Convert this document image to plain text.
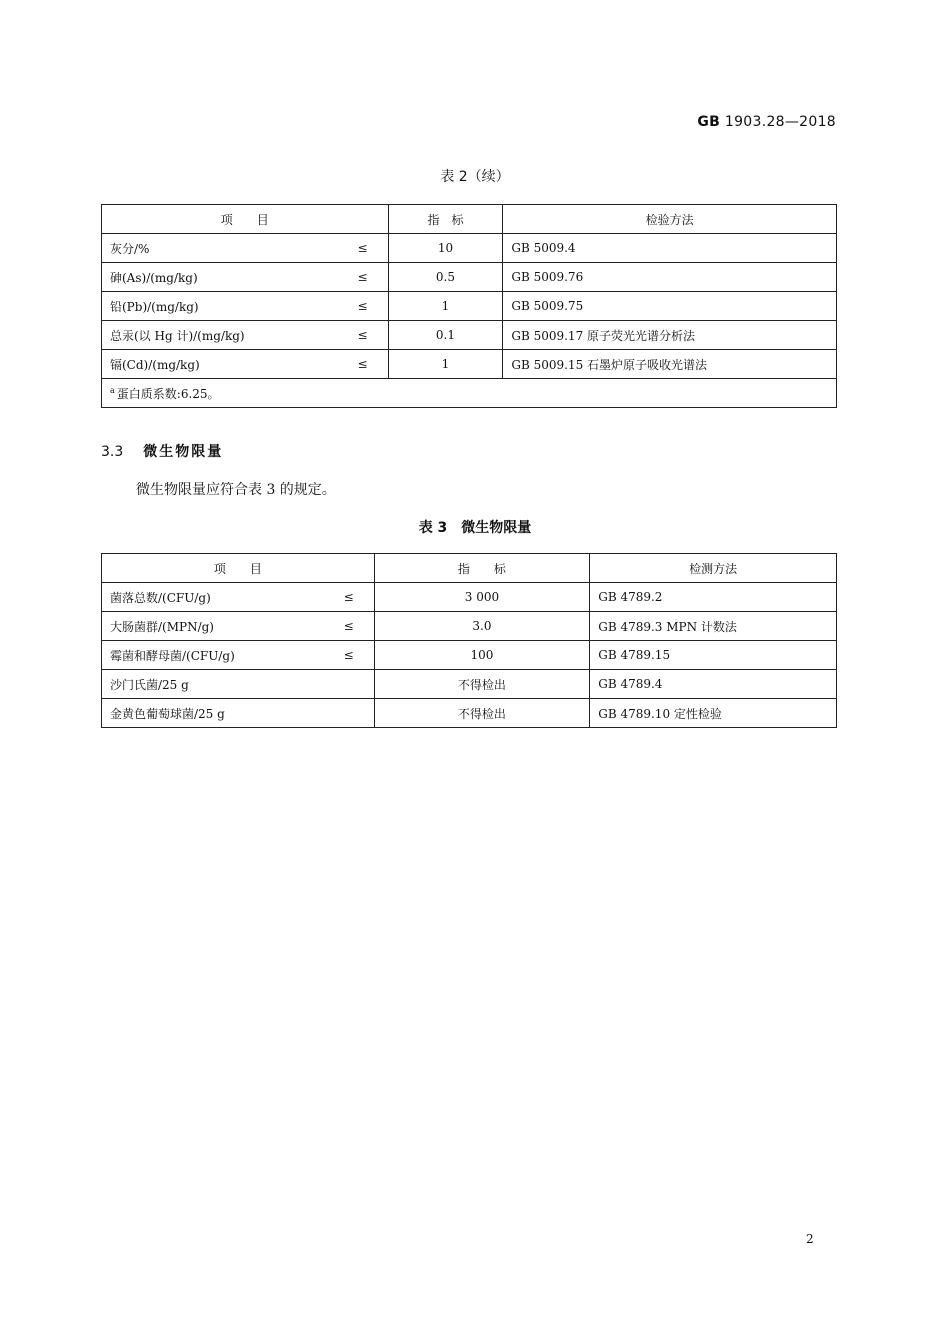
GB 1903.28—2018
表 2（续）
项　　目	指　标	检验方法
灰分/% ≤	10	GB 5009.4
砷(As)/(mg/kg) ≤	0.5	GB 5009.76
铅(Pb)/(mg/kg) ≤	1	GB 5009.75
总汞(以 Hg 计)/(mg/kg) ≤	0.1	GB 5009.17 原子荧光光谱分析法
镉(Cd)/(mg/kg) ≤	1	GB 5009.15 石墨炉原子吸收光谱法
$^a$ 蛋白质系数:6.25。		
3.3 微生物限量
微生物限量应符合表 3 的规定。
表 3　微生物限量
项　　目	指　　标	检测方法
菌落总数/(CFU/g) ≤	3 000	GB 4789.2
大肠菌群/(MPN/g) ≤	3.0	GB 4789.3 MPN 计数法
霉菌和酵母菌/(CFU/g) ≤	100	GB 4789.15
沙门氏菌/25 g	不得检出	GB 4789.4
金黄色葡萄球菌/25 g	不得检出	GB 4789.10 定性检验
2
